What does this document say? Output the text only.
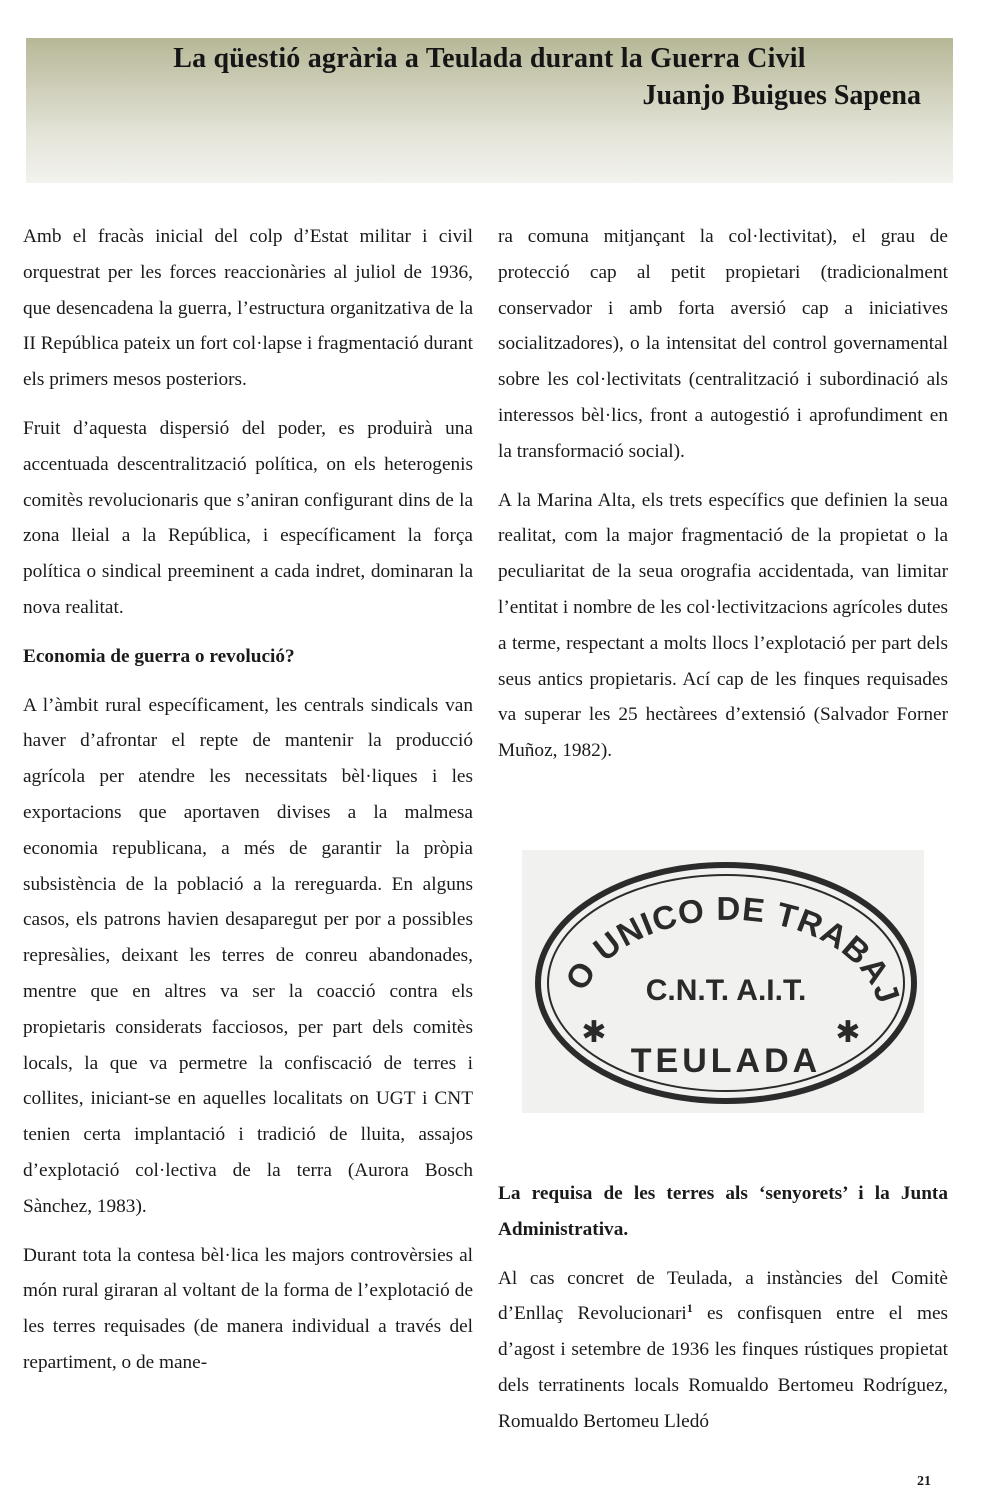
La qüestió agrària a Teulada durant la Guerra Civil
Juanjo Buigues Sapena

Amb el fracàs inicial del colp d’Estat militar i civil orquestrat per les forces reaccionàries al juliol de 1936, que desencadena la guerra, l’estructura organitzativa de la II República pateix un fort col·lapse i fragmentació durant els primers mesos posteriors.

Fruit d’aquesta dispersió del poder, es produirà una accentuada descentralització política, on els heterogenis comitès revolucionaris que s’aniran configurant dins de la zona lleial a la República, i específicament la força política o sindical preeminent a cada indret, dominaran la nova realitat.

Economia de guerra o revolució?

A l’àmbit rural específicament, les centrals sindicals van haver d’afrontar el repte de mantenir la producció agrícola per atendre les necessitats bèl·liques i les exportacions que aportaven divises a la malmesa economia republicana, a més de garantir la pròpia subsistència de la població a la rereguarda. En alguns casos, els patrons havien desaparegut per por a possibles represàlies, deixant les terres de conreu abandonades, mentre que en altres va ser la coacció contra els propietaris considerats facciosos, per part dels comitès locals, la que va permetre la confiscació de terres i collites, iniciant-se en aquelles localitats on UGT i CNT tenien certa implantació i tradició de lluita, assajos d’explotació col·lectiva de la terra (Aurora Bosch Sànchez, 1983).

Durant tota la contesa bèl·lica les majors controvèrsies al món rural giraran al voltant de la forma de l’explotació de les terres requisades (de manera individual a través del repartiment, o de mane-

ra comuna mitjançant la col·lectivitat), el grau de protecció cap al petit propietari (tradicionalment conservador i amb forta aversió cap a iniciatives socialitzadores), o la intensitat del control governamental sobre les col·lectivitats (centralització i subordinació als interessos bèl·lics, front a autogestió i aprofundiment en la transformació social).

A la Marina Alta, els trets específics que definien la seua realitat, com la major fragmentació de la propietat o la peculiaritat de la seua orografia accidentada, van limitar l’entitat i nombre de les col·lectivitzacions agrícoles dutes a terme, respectant a molts llocs l’explotació per part dels seus antics propietaris. Ací cap de les finques requisades va superar les 25 hectàrees d’extensió (Salvador Forner Muñoz, 1982).

O UNICO DE TRABAJ
C.N.T. A.I.T.
TEULADA
✱	✱

La requisa de les terres als ‘senyorets’ i la Junta Administrativa.

Al cas concret de Teulada, a instàncies del Comitè d’Enllaç Revolucionari$^1$ es confisquen entre el mes d’agost i setembre de 1936 les finques rústiques propietat dels terratinents locals Romualdo Bertomeu Rodríguez, Romualdo Bertomeu Lledó

21
